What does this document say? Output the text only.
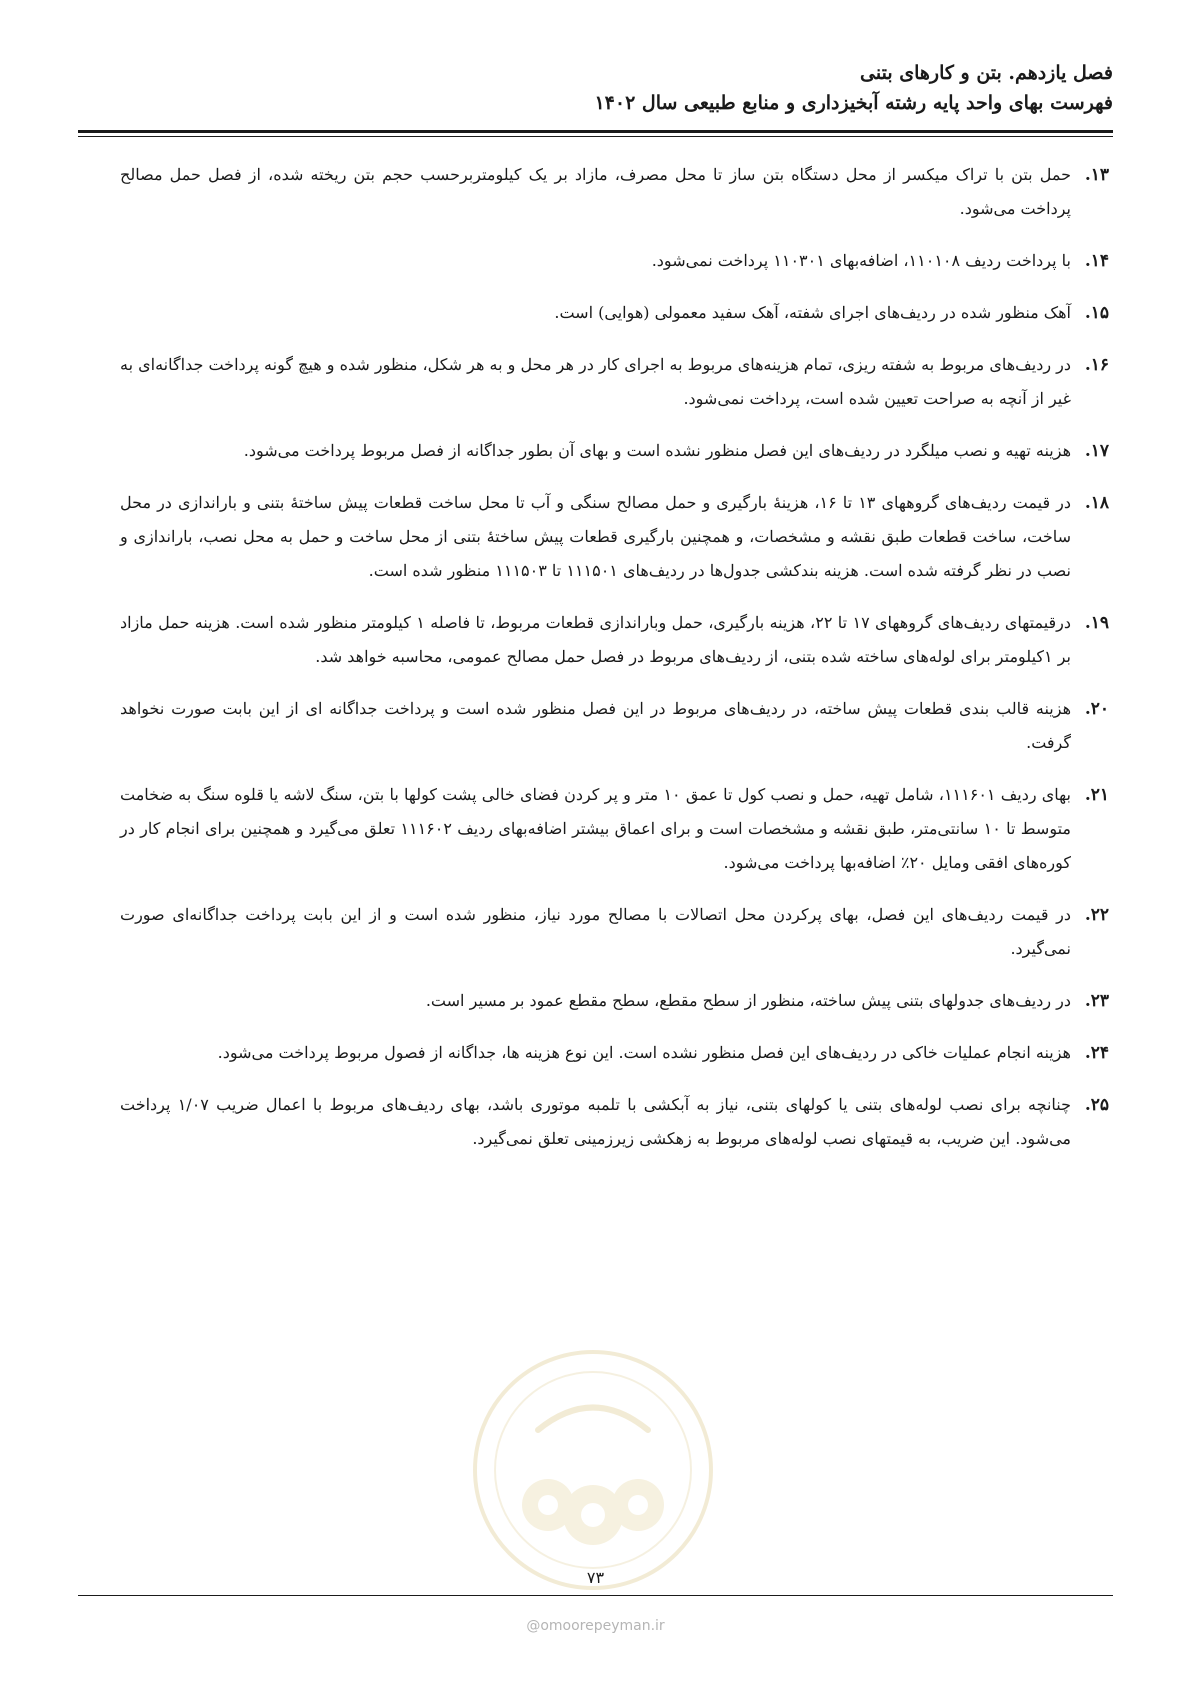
فصل یازدهم. بتن و کارهای بتنی
فهرست بهای واحد پایه رشته آبخیزداری و منابع طبیعی سال ۱۴۰۲
۱۳.
حمل بتن با تراک میکسر از محل دستگاه بتن ساز تا محل مصرف، مازاد بر یک کیلومتربرحسب حجم بتن ریخته شده، از فصل حمل مصالح پرداخت می‌شود.
۱۴.
با پرداخت ردیف ۱۱۰۱۰۸، اضافه‌بهای ۱۱۰۳۰۱ پرداخت نمی‌شود.
۱۵.
آهک منظور شده در ردیف‌های اجرای شفته، آهک سفید معمولی (هوایی) است.
۱۶.
در ردیف‌های مربوط به شفته ریزی، تمام هزینه‌های مربوط به اجرای کار در هر محل و به هر شکل، منظور شده و هیچ گونه پرداخت جداگانه‌ای به غیر از آنچه به صراحت تعیین شده است، پرداخت نمی‌شود.
۱۷.
هزینه تهیه و نصب میلگرد در ردیف‌های این فصل منظور نشده است و بهای آن بطور جداگانه از فصل مربوط پرداخت می‌شود.
۱۸.
در قیمت ردیف‌های گروههای ۱۳ تا ۱۶، هزینهٔ بارگیری و حمل مصالح سنگی و آب تا محل ساخت قطعات پیش ساختهٔ بتنی و باراندازی در محل ساخت، ساخت قطعات طبق نقشه و مشخصات، و همچنین بارگیری قطعات پیش ساختهٔ بتنی از محل ساخت و حمل به محل نصب، باراندازی و نصب در نظر گرفته شده است. هزینه بندکشی جدول‌ها در ردیف‌های ۱۱۱۵۰۱ تا ۱۱۱۵۰۳ منظور شده است.
۱۹.
درقیمتهای ردیف‌های گروههای ۱۷ تا ۲۲، هزینه بارگیری، حمل وباراندازی قطعات مربوط، تا فاصله ۱ کیلومتر منظور شده است. هزینه حمل مازاد بر ۱کیلومتر برای لوله‌های ساخته شده بتنی، از ردیف‌های مربوط در فصل حمل مصالح عمومی، محاسبه خواهد شد.
۲۰.
هزینه قالب بندی قطعات پیش ساخته، در ردیف‌های مربوط در این فصل منظور شده است و پرداخت جداگانه ای از این بابت صورت نخواهد گرفت.
۲۱.
بهای ردیف ۱۱۱۶۰۱، شامل تهیه، حمل و نصب کول تا عمق ۱۰ متر و پر کردن فضای خالی پشت کولها با بتن، سنگ لاشه یا قلوه سنگ به ضخامت متوسط تا ۱۰ سانتی‌متر، طبق نقشه و مشخصات است و برای اعماق بیشتر اضافه‌بهای ردیف ۱۱۱۶۰۲ تعلق می‌گیرد و همچنین برای انجام کار در کوره‌های افقی ومایل ۲۰٪ اضافه‌بها پرداخت می‌شود.
۲۲.
در قیمت ردیف‌های این فصل، بهای پرکردن محل اتصالات با مصالح مورد نیاز، منظور شده است و از این بابت پرداخت جداگانه‌ای صورت نمی‌گیرد.
۲۳.
در ردیف‌های جدولهای بتنی پیش ساخته، منظور از سطح مقطع، سطح مقطع عمود بر مسیر است.
۲۴.
هزینه انجام عملیات خاکی در ردیف‌های این فصل منظور نشده است. این نوع هزینه ها، جداگانه از فصول مربوط پرداخت می‌شود.
۲۵.
چنانچه برای نصب لوله‌های بتنی یا کولهای بتنی، نیاز به آبکشی با تلمبه موتوری باشد، بهای ردیف‌های مربوط با اعمال ضریب ۱/۰۷ پرداخت می‌شود. این ضریب، به قیمتهای نصب لوله‌های مربوط به زهکشی زیرزمینی تعلق نمی‌گیرد.
۷۳
@omoorepeyman.ir
